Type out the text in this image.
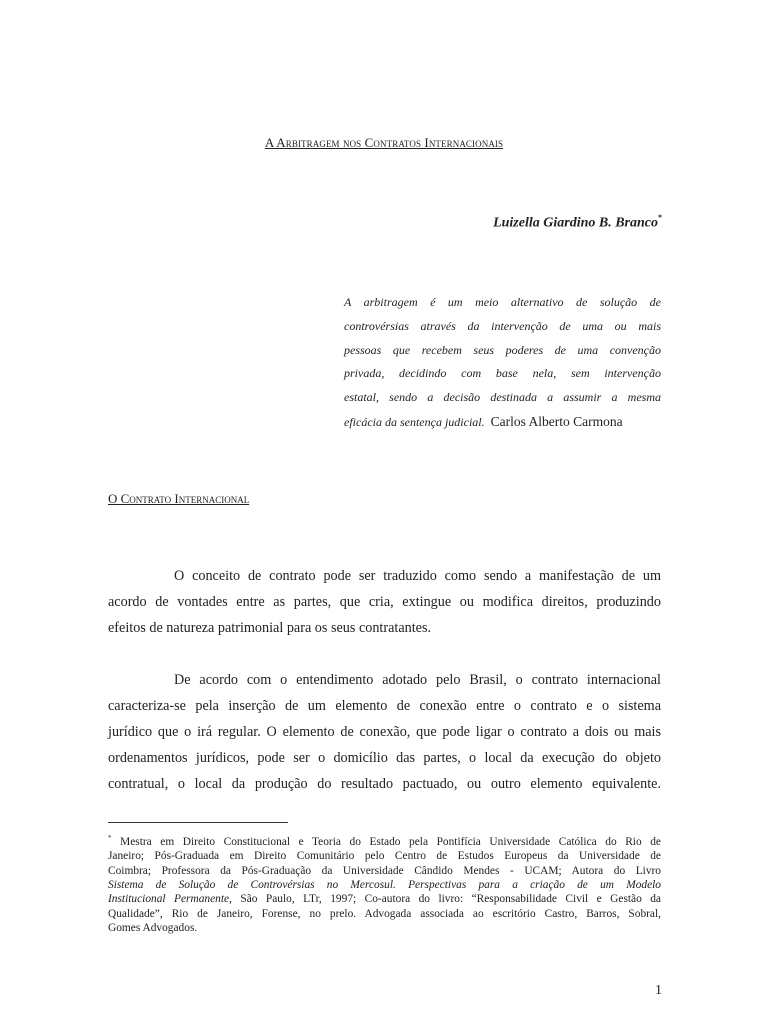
A Arbitragem nos Contratos Internacionais
Luizella Giardino B. Branco*
A arbitragem é um meio alternativo de solução de
controvérsias através da intervenção de uma ou mais
pessoas que recebem seus poderes de uma convenção
privada, decidindo com base nela, sem intervenção
estatal, sendo a decisão destinada a assumir a mesma
eficácia da sentença judicial. Carlos Alberto Carmona
O Contrato Internacional
O conceito de contrato pode ser traduzido como sendo a manifestação de um
acordo de vontades entre as partes, que cria, extingue ou modifica direitos, produzindo
efeitos de natureza patrimonial para os seus contratantes.
De acordo com o entendimento adotado pelo Brasil, o contrato internacional
caracteriza-se pela inserção de um elemento de conexão entre o contrato e o sistema
jurídico que o irá regular. O elemento de conexão, que pode ligar o contrato a dois ou mais
ordenamentos jurídicos, pode ser o domicílio das partes, o local da execução do objeto
contratual, o local da produção do resultado pactuado, ou outro elemento equivalente.
* Mestra em Direito Constitucional e Teoria do Estado pela Pontifícia Universidade Católica do Rio de
Janeiro; Pós-Graduada em Direito Comunitário pelo Centro de Estudos Europeus da Universidade de
Coimbra; Professora da Pós-Graduação da Universidade Cândido Mendes - UCAM; Autora do Livro
Sistema de Solução de Controvérsias no Mercosul. Perspectivas para a criação de um Modelo
Institucional Permanente, São Paulo, LTr, 1997; Co-autora do livro: “Responsabilidade Civil e Gestão da
Qualidade”, Rio de Janeiro, Forense, no prelo. Advogada associada ao escritório Castro, Barros, Sobral,
Gomes Advogados.
1
